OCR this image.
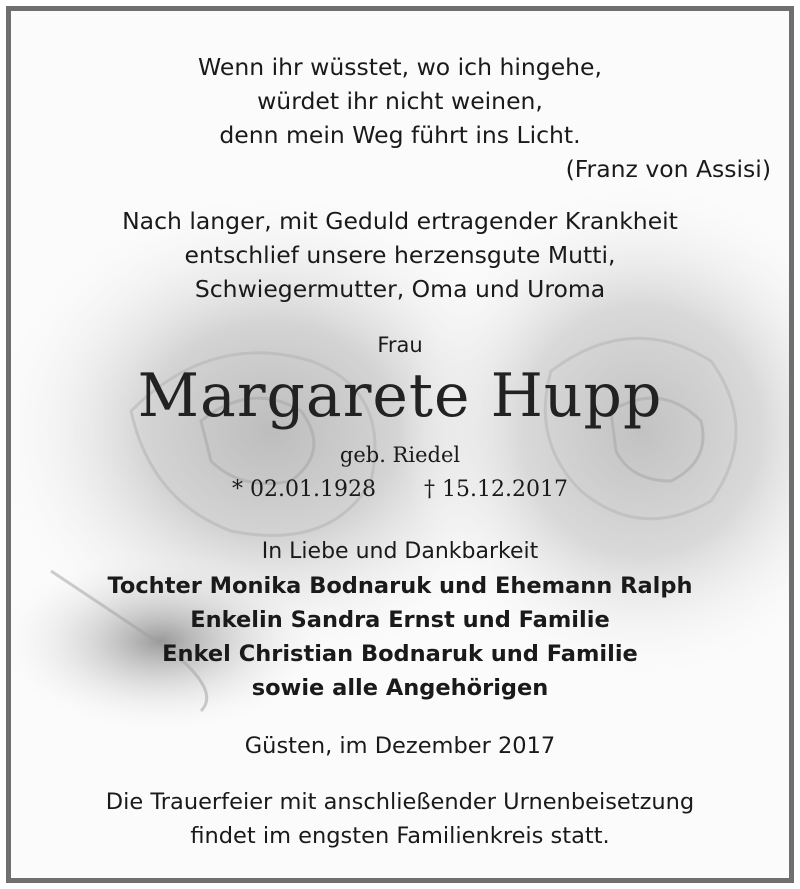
Wenn ihr wüsstet, wo ich hingehe,
würdet ihr nicht weinen,
denn mein Weg führt ins Licht.
(Franz von Assisi)
Nach langer, mit Geduld ertragender Krankheit
entschlief unsere herzensgute Mutti,
Schwiegermutter, Oma und Uroma
Frau
Margarete Hupp
geb. Riedel
* 02.01.1928 † 15.12.2017
In Liebe und Dankbarkeit
Tochter Monika Bodnaruk und Ehemann Ralph
Enkelin Sandra Ernst und Familie
Enkel Christian Bodnaruk und Familie
sowie alle Angehörigen
Güsten, im Dezember 2017
Die Trauerfeier mit anschließender Urnenbeisetzung
findet im engsten Familienkreis statt.
